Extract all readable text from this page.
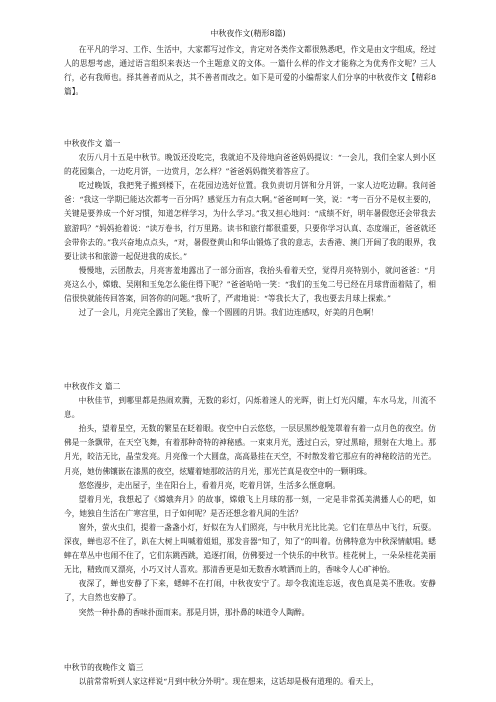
中秋夜作文(精形8篇)

在平凡的学习、工作、生活中，大家都写过作文，肯定对各类作文都很熟悉吧，作文是由文字组成，经过人的思想考虑，通过语言组织来表达一个主题意义的文体。一篇什么样的作文才能称之为优秀作文呢？三人行，必有我师也。择其善者而从之，其不善者而改之。如下是可爱的小编帮家人们分享的中秋夜作文【精彩8篇】。

中秋夜作文 篇一

农历八月十五是中秋节。晚饭还没吃完，我就迫不及待地向爸爸妈妈提议：“一会儿，我们全家人到小区的花园集合，一边吃月饼，一边赏月，怎么样？”爸爸妈妈微笑着答应了。

吃过晚饭，我把凳子搬到楼下，在花园边选好位置。我负责切月饼和分月饼，一家人边吃边聊。我问爸爸：“我这一学期已能达次都考一百分吗？感觉压力有点大啊。”爸爸呵呵一笑，说：“考一百分不是权主要的，关键是要养成一个好习惯，知道怎样学习，为什么学习。”我又担心地问：“成绩不好，明年暑假您还会带我去旅游吗？”妈妈抢着说：“读万卷书，行万里路。读书和旅行都很重要，只要你学习认真、态度端正，爸爸就还会带你去的。”我兴奋地点点头，“对，暑假登黄山和华山锻炼了我的意志，去香港、澳门开阔了我的眼界，我要让读书和旅游一起促进我的成长。”

慢慢地，云团散去，月亮害羞地露出了一部分面容，我抬头看着天空，觉得月亮特别小，就问爸爸：“月亮这么小，嫦娥、吴刚和玉兔怎么能住得下呢？”爸爸哈哈一笑：“我们的玉兔二号已经在月球背面着陆了，相信很快就能传回答案，回答你的问题。”我听了，严肃地说：“等我长大了，我也要去月球上探索。”

过了一会儿，月亮完全露出了笑脸，像一个圆圆的月饼。我们边连感叹，好美的月色啊！

中秋夜作文 篇二

中秋佳节，到哪里都是热闹欢腾，无数的彩灯，闪烁着迷人的光晖，街上灯光闪耀，车水马龙，川流不息。

抬头，望着星空，无数的繁星在眨着眼。夜空中白云悠悠，一层层黑纱般笼罩着有着一点月色的夜空。仿佛是一条飘带，在天空飞舞，有着那种奇特的神秘感。一束束月光，透过白云，穿过黑暗，照射在大地上。那月光，皎洁无比，晶莹发亮。月亮像一个大圆盘，高高悬挂在天空，不时散发着它那应有的神秘皎洁的光芒。月亮，她仿佛镶嵌在漆黑的夜空，炫耀着她那皎洁的月光，那光芒真是夜空中的一颗明珠。

悠悠漫步，走出屋子，坐在阳台上，看着月亮，吃着月饼，生活多么惬意啊。

望着月光，我想起了《嫦娥奔月》的故事，嫦娥飞上月球的那一刻，一定是非常孤美满播人心的吧，如今，她独自生活在广寒宫里，日子如何呢？是否还想念着凡间的生活？

窗外，萤火虫们，提着一盏盏小灯，好似在为人们照亮，与中秋月光比比美。它们在草丛中飞行，玩耍。深夜，蝉也忍不住了，趴在大树上叫喊着姐姐，那发音器“知了，知了”的叫着。仿佛特意为中秋深情献唱。蟋蟀在草丛中也闹不住了，它们东跳西跳，追逐打闹，仿佛要过一个快乐的中秋节。桂花树上，一朵朵桂花美丽无比，精致而又漂亮，小巧又讨人喜欢。那清香更是如无数香水喷洒而上的，香味令人心旷神怡。

夜深了，蝉也安静了下来，蟋蟀不在打闹，中秋夜安宁了。却令我流连忘返，夜色真是美不胜收。安静了，大自然也安静了。

突然一种扑鼻的香味扑面而来。那是月饼，那扑鼻的味道令人陶醉。

中秋节的夜晚作文 篇三

以前常常听到人家这样说“月到中秋分外明”。现在想来，这话却是极有道理的。看天上，
